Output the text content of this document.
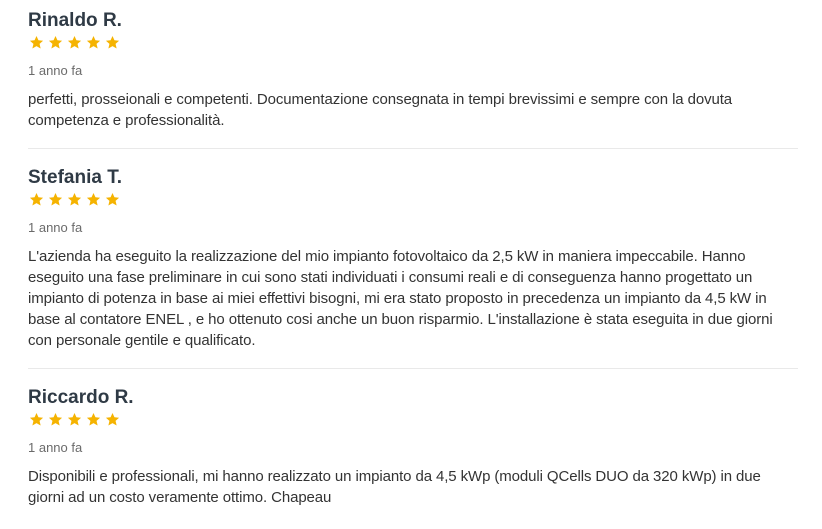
Rinaldo R.
1 anno fa
perfetti, prosseionali e competenti. Documentazione consegnata in tempi brevissimi e sempre con la dovuta competenza e professionalità.
Stefania T.
1 anno fa
L'azienda ha eseguito la realizzazione del mio impianto fotovoltaico da 2,5 kW in maniera impeccabile. Hanno eseguito una fase preliminare in cui sono stati individuati i consumi reali e di conseguenza hanno progettato un impianto di potenza in base ai miei effettivi bisogni, mi era stato proposto in precedenza un impianto da 4,5 kW in base al contatore ENEL , e ho ottenuto cosi anche un buon risparmio. L'installazione è stata eseguita in due giorni con personale gentile e qualificato.
Riccardo R.
1 anno fa
Disponibili e professionali, mi hanno realizzato un impianto da 4,5 kWp (moduli QCells DUO da 320 kWp) in due giorni ad un costo veramente ottimo. Chapeau
